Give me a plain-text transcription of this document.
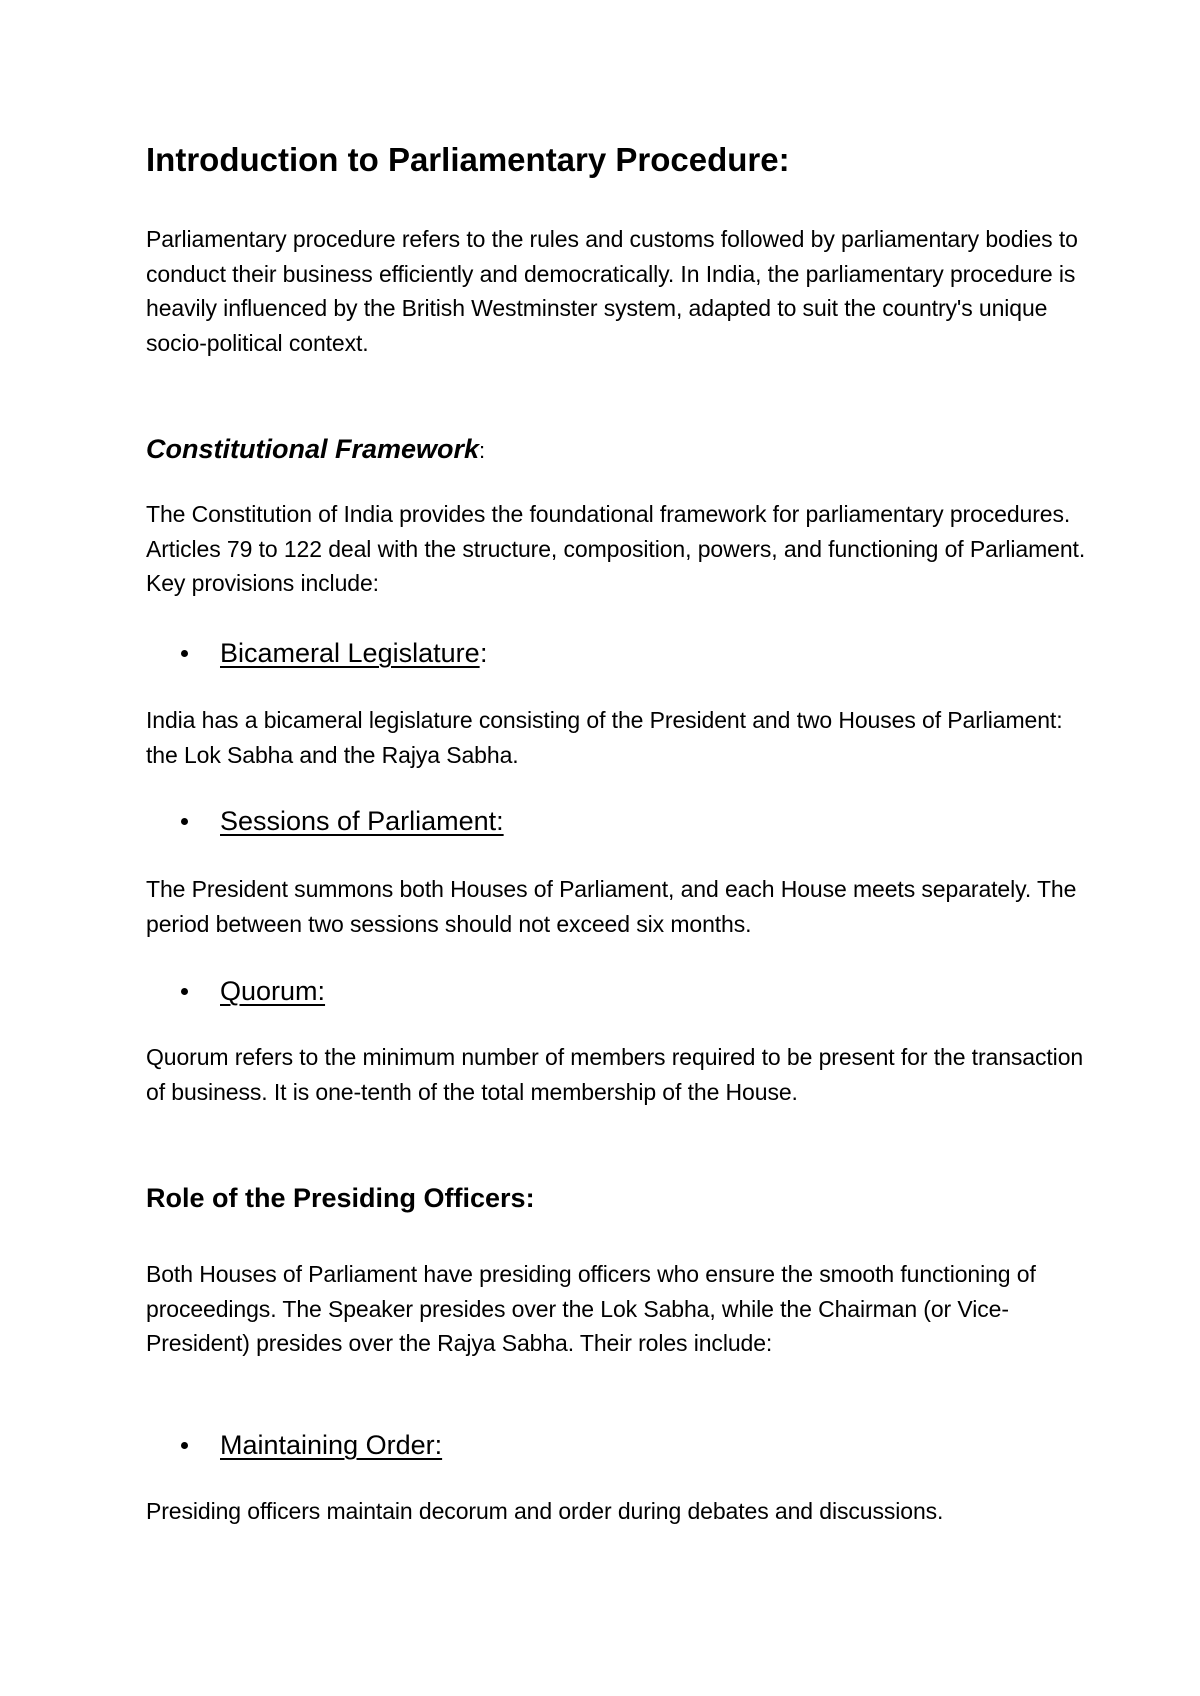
Introduction to Parliamentary Procedure:

Parliamentary procedure refers to the rules and customs followed by parliamentary bodies to conduct their business efficiently and democratically. In India, the parliamentary procedure is heavily influenced by the British Westminster system, adapted to suit the country's unique socio-political context.

Constitutional Framework:

The Constitution of India provides the foundational framework for parliamentary procedures. Articles 79 to 122 deal with the structure, composition, powers, and functioning of Parliament. Key provisions include:

Bicameral Legislature :

India has a bicameral legislature consisting of the President and two Houses of Parliament: the Lok Sabha and the Rajya Sabha.

Sessions of Parliament:

The President summons both Houses of Parliament, and each House meets separately. The period between two sessions should not exceed six months.

Quorum:

Quorum refers to the minimum number of members required to be present for the transaction of business. It is one-tenth of the total membership of the House.

Role of the Presiding Officers:

Both Houses of Parliament have presiding officers who ensure the smooth functioning of proceedings. The Speaker presides over the Lok Sabha, while the Chairman (or Vice-President) presides over the Rajya Sabha. Their roles include:

Maintaining Order:

Presiding officers maintain decorum and order during debates and discussions.
